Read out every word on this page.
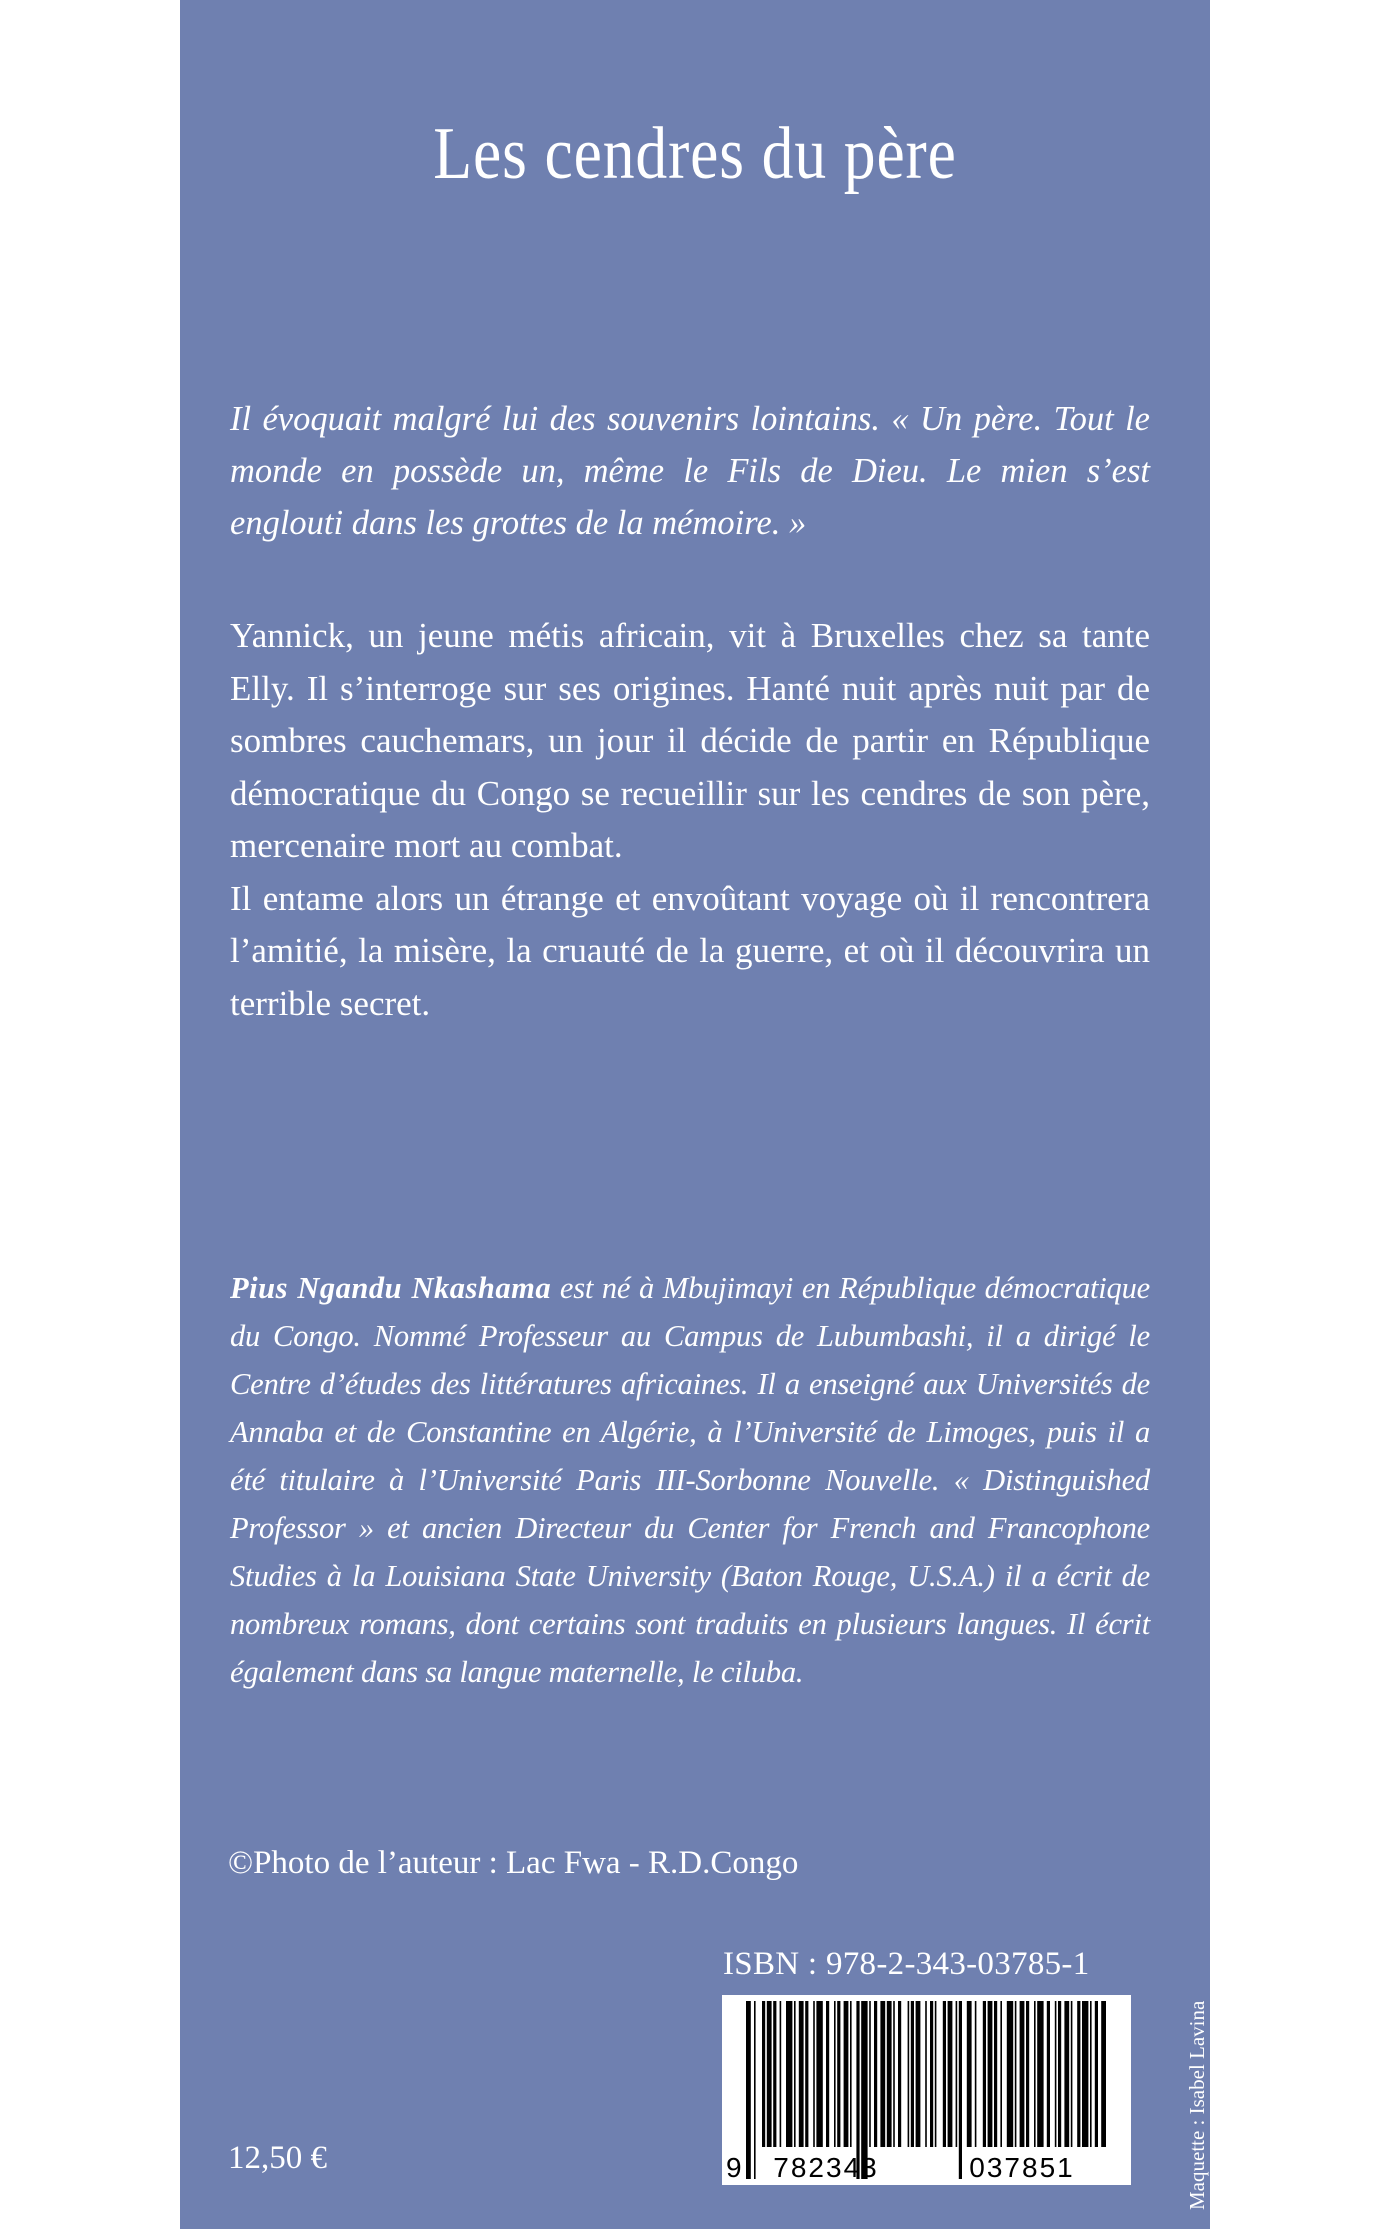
Les cendres du père
Il évoquait malgré lui des souvenirs lointains. « Un père. Tout le monde en possède un, même le Fils de Dieu. Le mien s’est englouti dans les grottes de la mémoire. »

Yannick, un jeune métis africain, vit à Bruxelles chez sa tante Elly. Il s’interroge sur ses origines. Hanté nuit après nuit par de sombres cauchemars, un jour il décide de partir en République démocratique du Congo se recueillir sur les cendres de son père, mercenaire mort au combat.

Il entame alors un étrange et envoûtant voyage où il rencontrera l’amitié, la misère, la cruauté de la guerre, et où il découvrira un terrible secret.

Pius Ngandu Nkashama est né à Mbujimayi en République démocratique du Congo. Nommé Professeur au Campus de Lubumbashi, il a dirigé le Centre d’études des littératures africaines. Il a enseigné aux Universités de Annaba et de Constantine en Algérie, à l’Université de Limoges, puis il a été titulaire à l’Université Paris III-Sorbonne Nouvelle. « Distinguished Professor » et ancien Directeur du Center for French and Francophone Studies à la Louisiana State University (Baton Rouge, U.S.A.) il a écrit de nombreux romans, dont certains sont traduits en plusieurs langues. Il écrit également dans sa langue maternelle, le ciluba.

©Photo de l’auteur : Lac Fwa - R.D.Congo
ISBN : 978-2-343-03785-1
9 782343	037851
12,50 €	Maquette : Isabel Lavina
